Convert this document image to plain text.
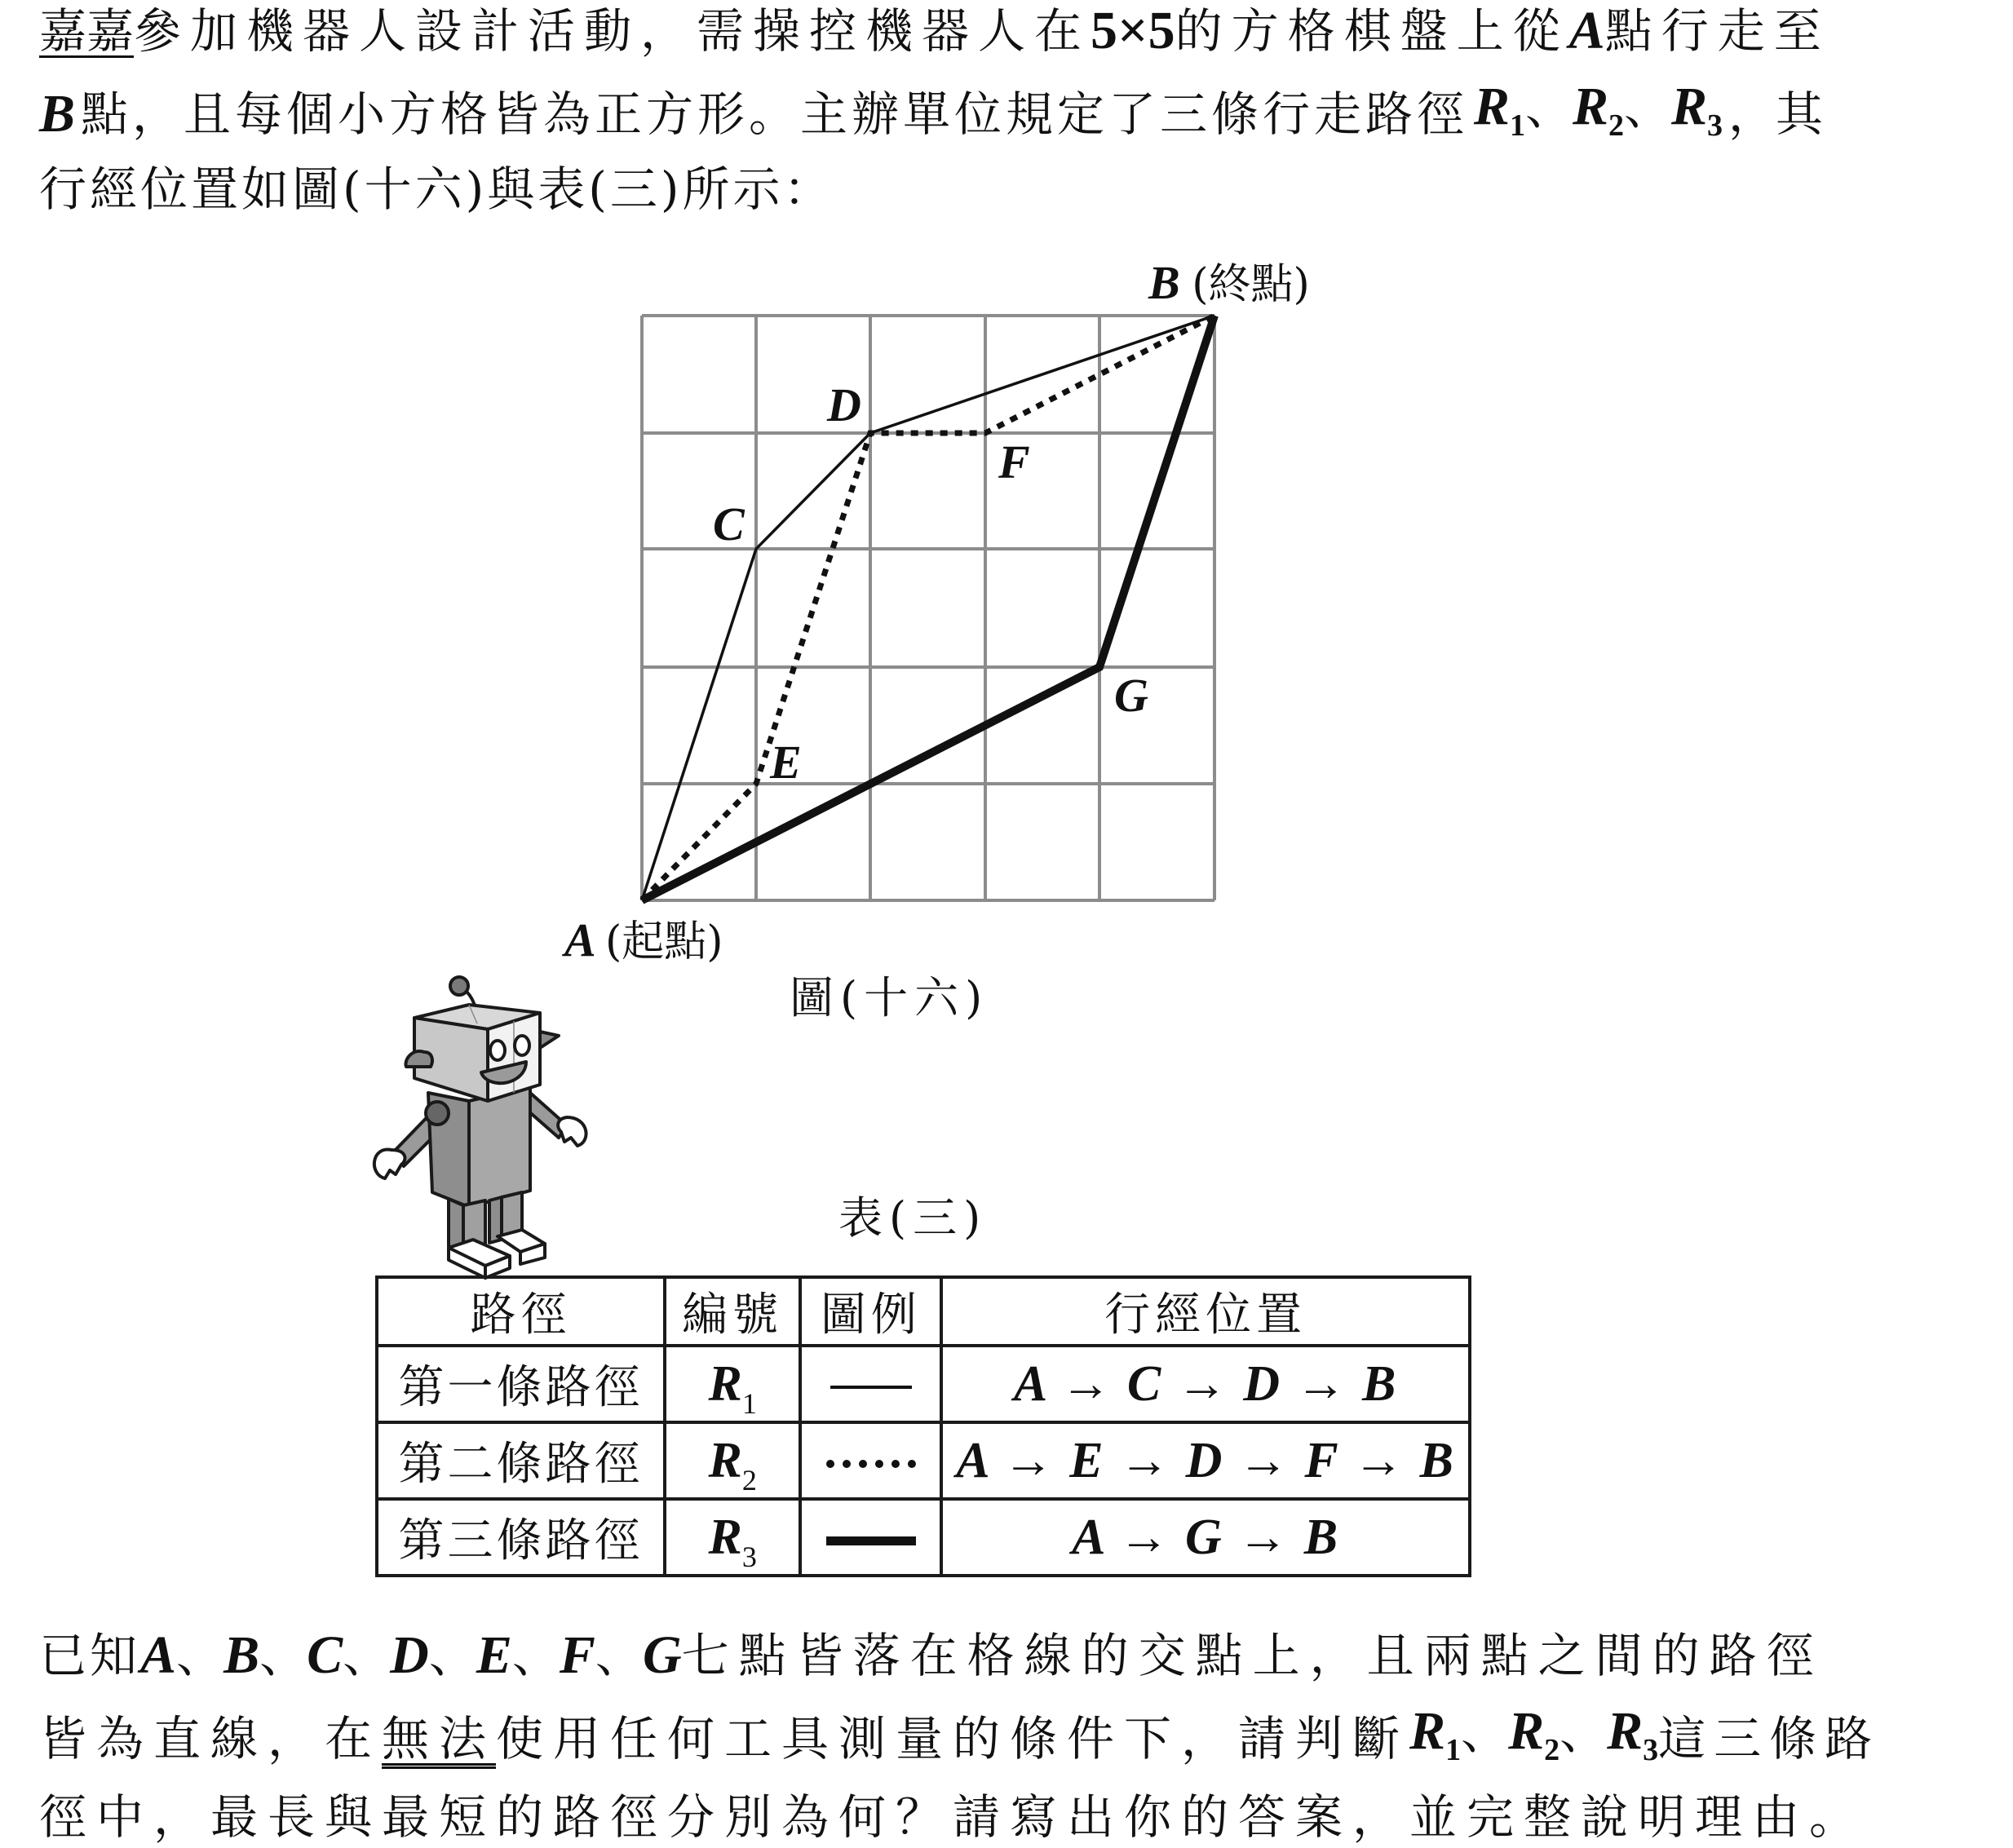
嘉嘉 參加機器人設計活動，需操控機器人在 5×5 的方格棋盤上從 A 點行走至
B 點，且每個小方格皆為正方形。主辦單位規定了三條行走路徑 R1、R2、R3 ，其
行經位置如圖(十六)與表(三)所示：
B (終點)
D
F
C
G
E
A (起點)
圖(十六)
表(三)
路徑	編號	圖例	行經位置
第一條路徑	$R_1$		A → C → D → B
第二條路徑	$R_2$		A → E → D → F → B
第三條路徑	$R_3$		A → G → B
已知 A 、 B 、 C 、 D 、 E 、 F 、 G 七點皆落在格線的交點上，且兩點之間的路徑
皆為直線，在無法使用任何工具測量的條件下，請判斷 R1、R2、R3 這三條路
徑中，最長與最短的路徑分別為何？請寫出你的答案，並完整說明理由。
